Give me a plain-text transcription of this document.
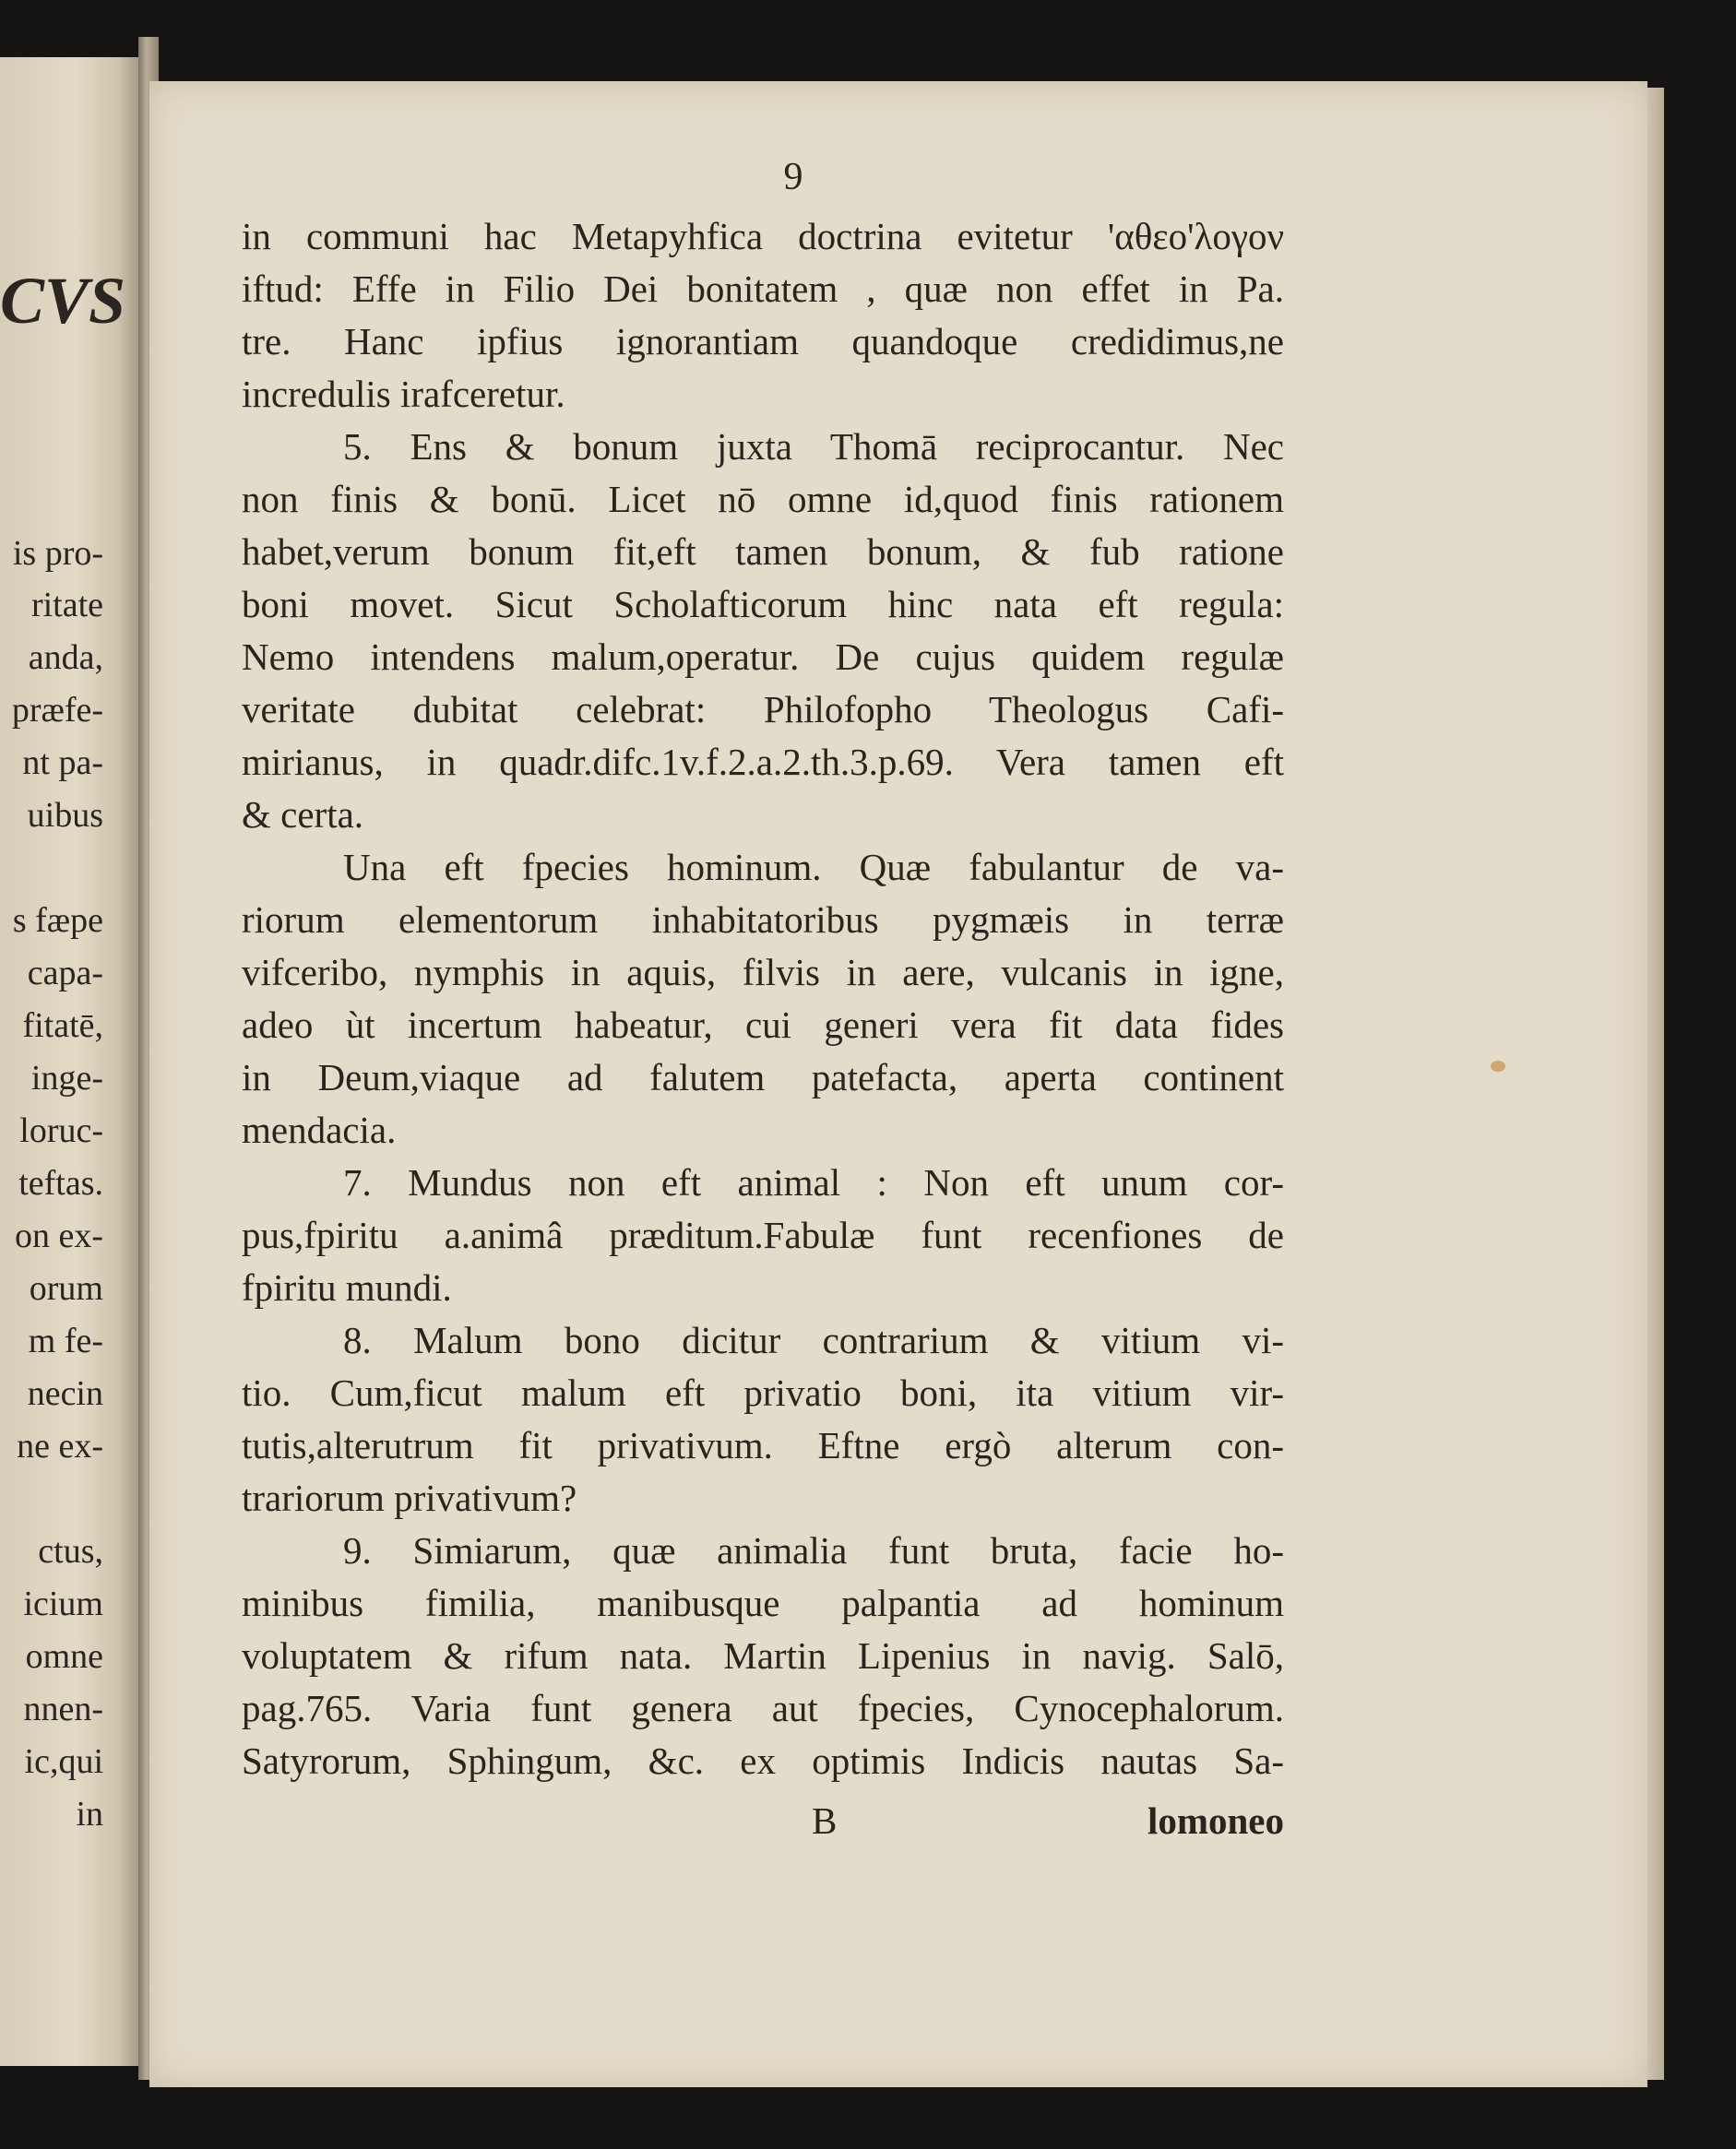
CVS
is pro-
ritate
anda,
præfe-
nt pa-
uibus
s fæpe
capa-
fitatē,
inge-
loruc-
teftas.
on ex-
orum
m fe-
necin
ne ex-
ctus,
icium
omne
nnen-
ic,qui
in
9
in communi hac Metapyhfica doctrina evitetur 'αθεο'λογον
iftud: Effe in Filio Dei bonitatem , quæ non effet in Pa.
tre. Hanc ipfius ignorantiam quandoque credidimus,ne
incredulis irafceretur.
5. Ens & bonum juxta Thomā reciprocantur. Nec
non finis & bonū. Licet nō omne id,quod finis rationem
habet,verum bonum fit,eft tamen bonum, & fub ratione
boni movet. Sicut Scholafticorum hinc nata eft regula:
Nemo intendens malum,operatur. De cujus quidem regulæ
veritate dubitat celebrat: Philofopho Theologus Cafi-
mirianus, in quadr.difc.1v.f.2.a.2.th.3.p.69. Vera tamen eft
& certa.
Una eft fpecies hominum. Quæ fabulantur de va-
riorum elementorum inhabitatoribus pygmæis in terræ
vifceribo, nymphis in aquis, filvis in aere, vulcanis in igne,
adeo ùt incertum habeatur, cui generi vera fit data fides
in Deum,viaque ad falutem patefacta, aperta continent
mendacia.
7. Mundus non eft animal : Non eft unum cor-
pus,fpiritu a.animâ præditum.Fabulæ funt recenfiones de
fpiritu mundi.
8. Malum bono dicitur contrarium & vitium vi-
tio. Cum,ficut malum eft privatio boni, ita vitium vir-
tutis,alterutrum fit privativum. Eftne ergò alterum con-
trariorum privativum?
9. Simiarum, quæ animalia funt bruta, facie ho-
minibus fimilia, manibusque palpantia ad hominum
voluptatem & rifum nata. Martin Lipenius in navig. Salō,
pag.765. Varia funt genera aut fpecies, Cynocephalorum.
Satyrorum, Sphingum, &c. ex optimis Indicis nautas Sa-
B	lomoneo
